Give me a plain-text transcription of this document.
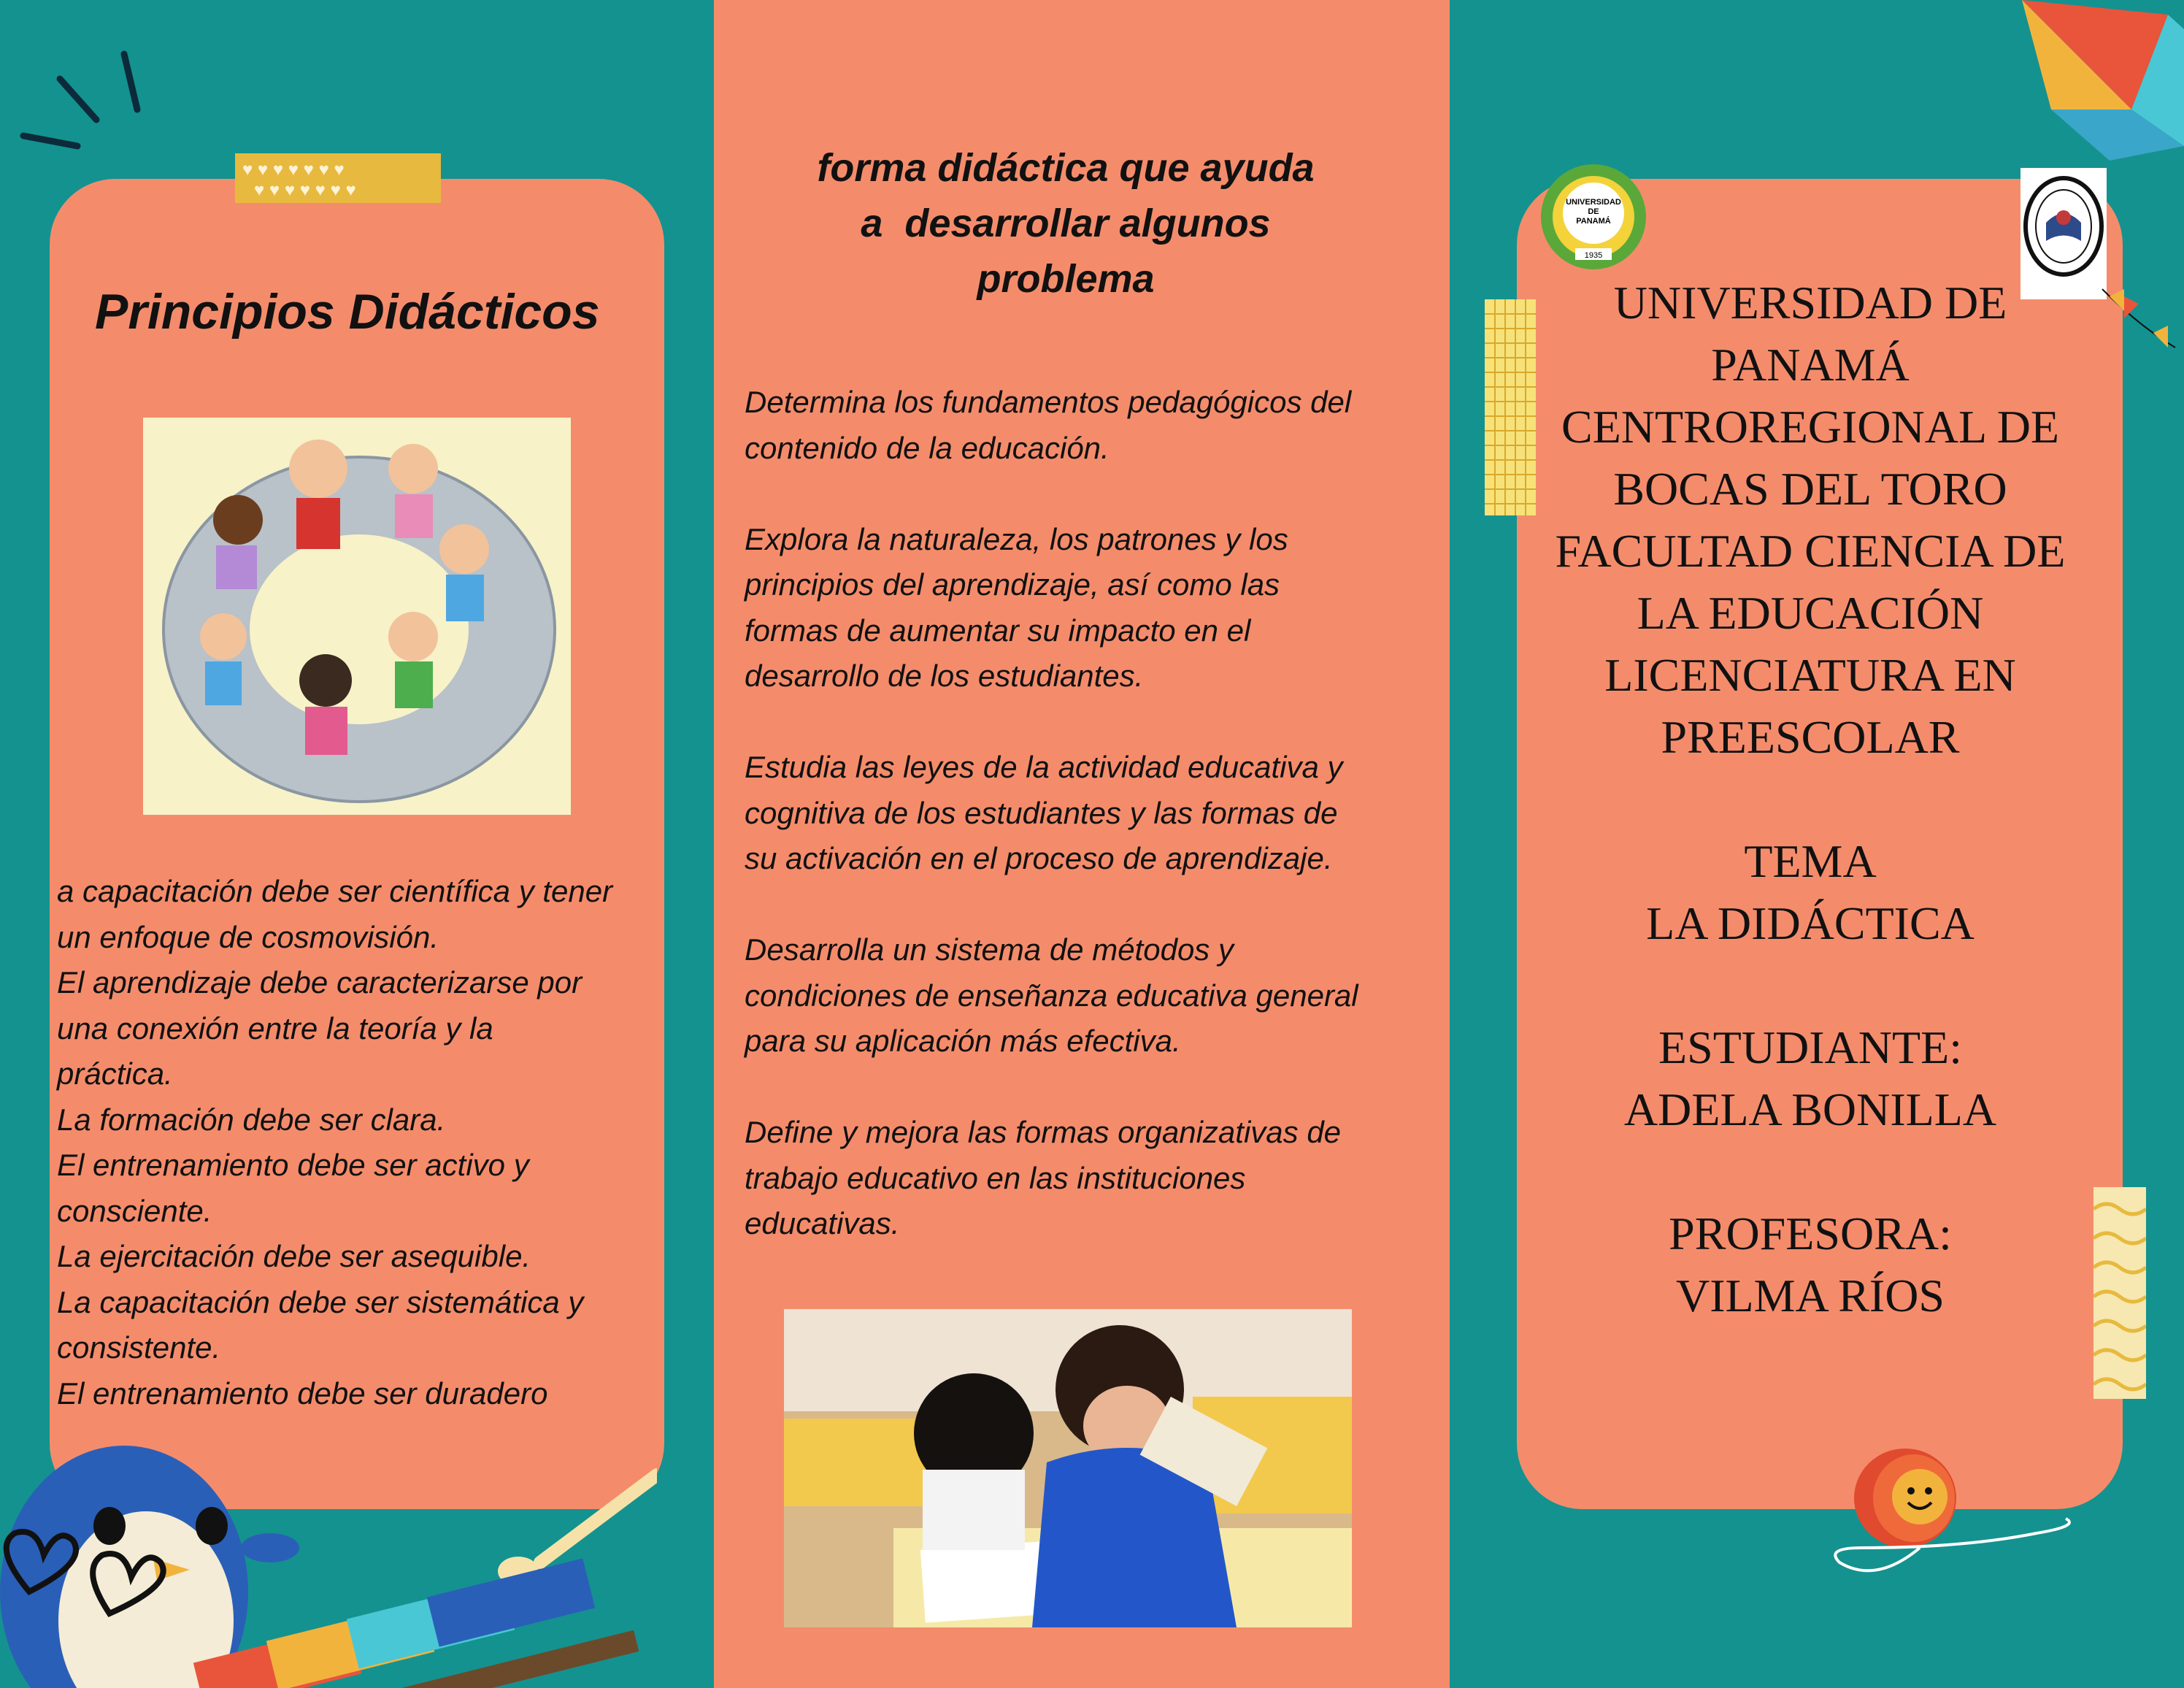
♥ ♥ ♥ ♥ ♥ ♥ ♥
♥ ♥ ♥ ♥ ♥ ♥ ♥
Principios Didácticos
a capacitación debe ser científica y tener
un enfoque de cosmovisión.
El aprendizaje debe caracterizarse por
una conexión entre la teoría y la
práctica.
La formación debe ser clara.
El entrenamiento debe ser activo y
consciente.
La ejercitación debe ser asequible.
La capacitación debe ser sistemática y
consistente.
El entrenamiento debe ser duradero
forma didáctica que ayuda
a  desarrollar algunos
problema

Determina los fundamentos pedagógicos del
contenido de la educación.

Explora la naturaleza, los patrones y los
principios del aprendizaje, así como las
formas de aumentar su impacto en el
desarrollo de los estudiantes.

Estudia las leyes de la actividad educativa y
cognitiva de los estudiantes y las formas de
su activación en el proceso de aprendizaje.

Desarrolla un sistema de métodos y
condiciones de enseñanza educativa general
para su aplicación más efectiva.

Define y mejora las formas organizativas de
trabajo educativo en las instituciones
educativas.

UNIVERSIDAD DE
PANAMÁ
CENTROREGIONAL DE
BOCAS DEL TORO
FACULTAD CIENCIA DE
LA EDUCACIÓN
LICENCIATURA EN
PREESCOLAR

TEMA
LA DIDÁCTICA

ESTUDIANTE:
ADELA BONILLA

PROFESORA:
VILMA RÍOS
UNIVERSIDAD
DE
PANAMÁ
1935
